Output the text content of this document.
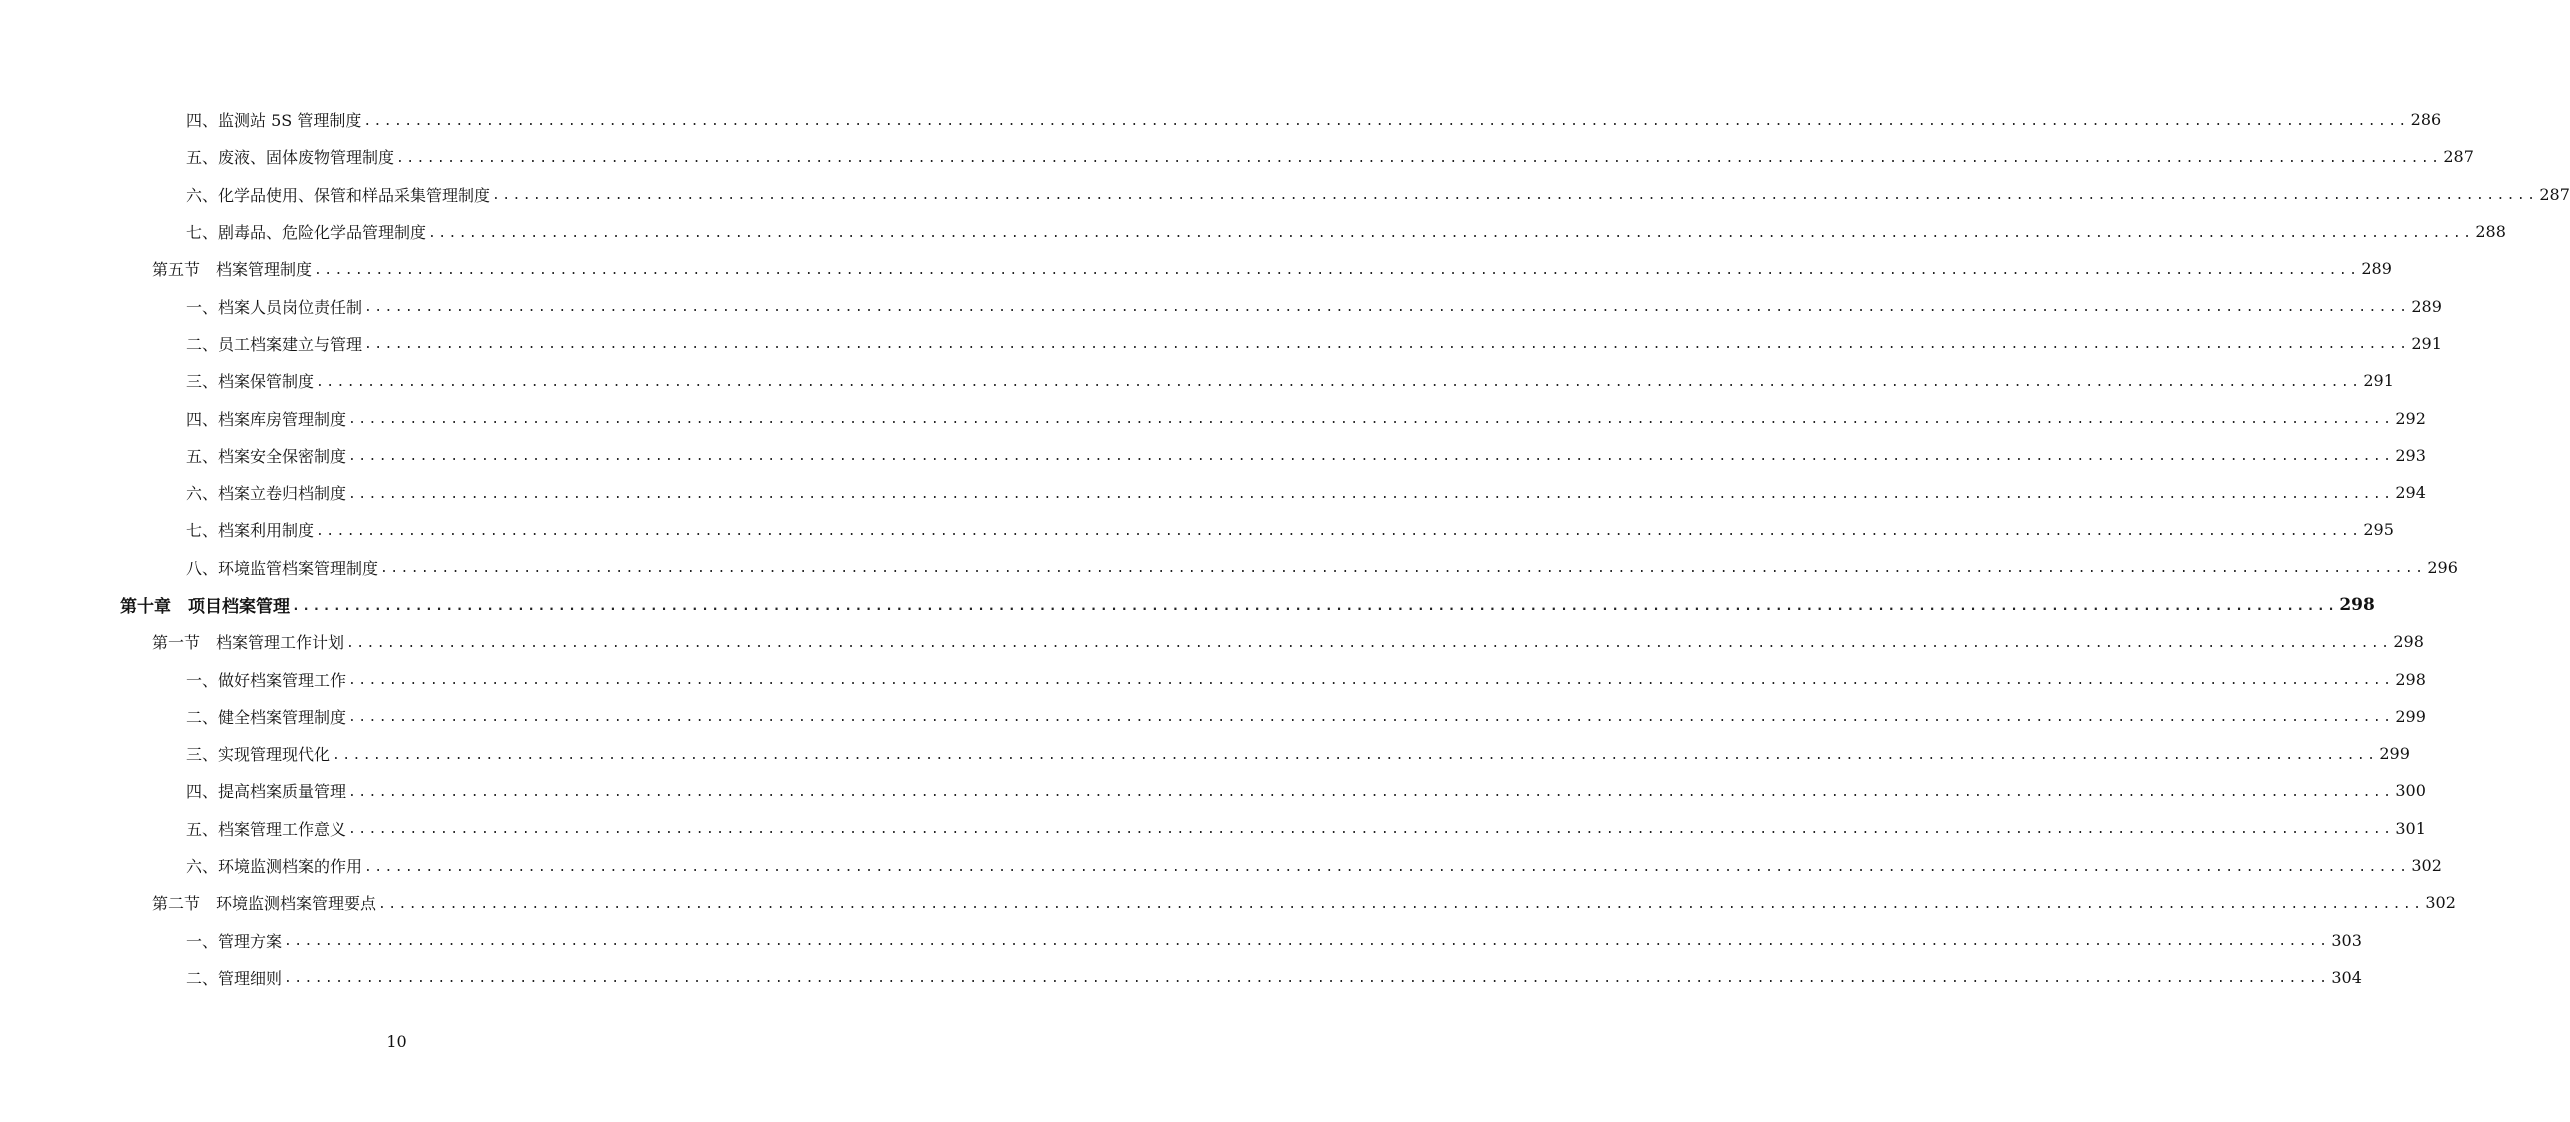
四、监测站 5S 管理制度 ........................................................................................................................................................................................................ 286
五、废液、固体废物管理制度 ........................................................................................................................................................................................................ 287
六、化学品使用、保管和样品采集管理制度 ........................................................................................................................................................................................................ 287
七、剧毒品、危险化学品管理制度 ........................................................................................................................................................................................................ 288
第五节　档案管理制度 ........................................................................................................................................................................................................ 289
一、档案人员岗位责任制 ........................................................................................................................................................................................................ 289
二、员工档案建立与管理 ........................................................................................................................................................................................................ 291
三、档案保管制度 ........................................................................................................................................................................................................ 291
四、档案库房管理制度 ........................................................................................................................................................................................................ 292
五、档案安全保密制度 ........................................................................................................................................................................................................ 293
六、档案立卷归档制度 ........................................................................................................................................................................................................ 294
七、档案利用制度 ........................................................................................................................................................................................................ 295
八、环境监管档案管理制度 ........................................................................................................................................................................................................ 296
第十章　项目档案管理 ........................................................................................................................................................................................................ 298
第一节　档案管理工作计划 ........................................................................................................................................................................................................ 298
一、做好档案管理工作 ........................................................................................................................................................................................................ 298
二、健全档案管理制度 ........................................................................................................................................................................................................ 299
三、实现管理现代化 ........................................................................................................................................................................................................ 299
四、提高档案质量管理 ........................................................................................................................................................................................................ 300
五、档案管理工作意义 ........................................................................................................................................................................................................ 301
六、环境监测档案的作用 ........................................................................................................................................................................................................ 302
第二节　环境监测档案管理要点 ........................................................................................................................................................................................................ 302
一、管理方案 ........................................................................................................................................................................................................ 303
二、管理细则 ........................................................................................................................................................................................................ 304
10
